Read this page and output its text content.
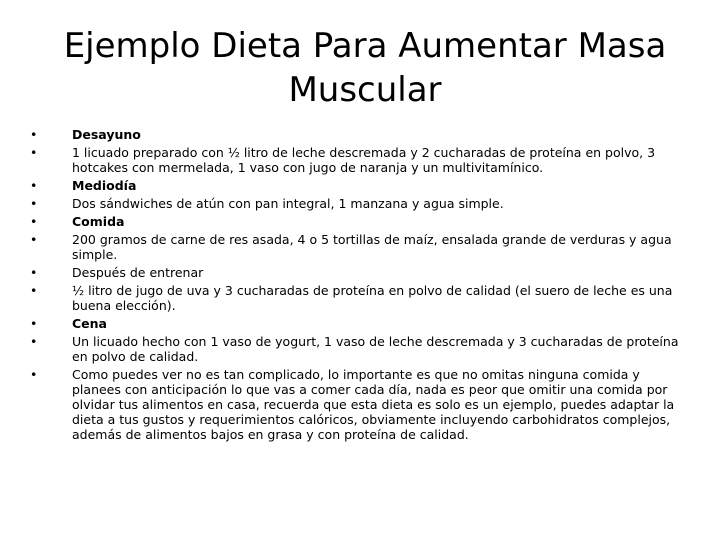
Ejemplo Dieta Para Aumentar Masa Muscular
•	Desayuno
•	1 licuado preparado con ½ litro de leche descremada y 2 cucharadas de proteína en polvo, 3 hotcakes con mermelada, 1 vaso con jugo de naranja y un multivitamínico.
•	Mediodía
•	Dos sándwiches de atún con pan integral, 1 manzana y agua simple.
•	Comida
•	200 gramos de carne de res asada, 4 o 5 tortillas de maíz, ensalada grande de verduras y agua simple.
•	Después de entrenar
•	½ litro de jugo de uva y 3 cucharadas de proteína en polvo de calidad (el suero de leche es una buena elección).
•	Cena
•	Un licuado hecho con 1 vaso de yogurt, 1 vaso de leche descremada y 3 cucharadas de proteína en polvo de calidad.
•	Como puedes ver no es tan complicado, lo importante es que no omitas ninguna comida y planees con anticipación lo que vas a comer cada día, nada es peor que omitir una comida por olvidar tus alimentos en casa, recuerda que esta dieta es solo es un ejemplo, puedes adaptar la dieta a tus gustos y requerimientos calóricos, obviamente incluyendo carbohidratos complejos, además de alimentos bajos en grasa y con proteína de calidad.
